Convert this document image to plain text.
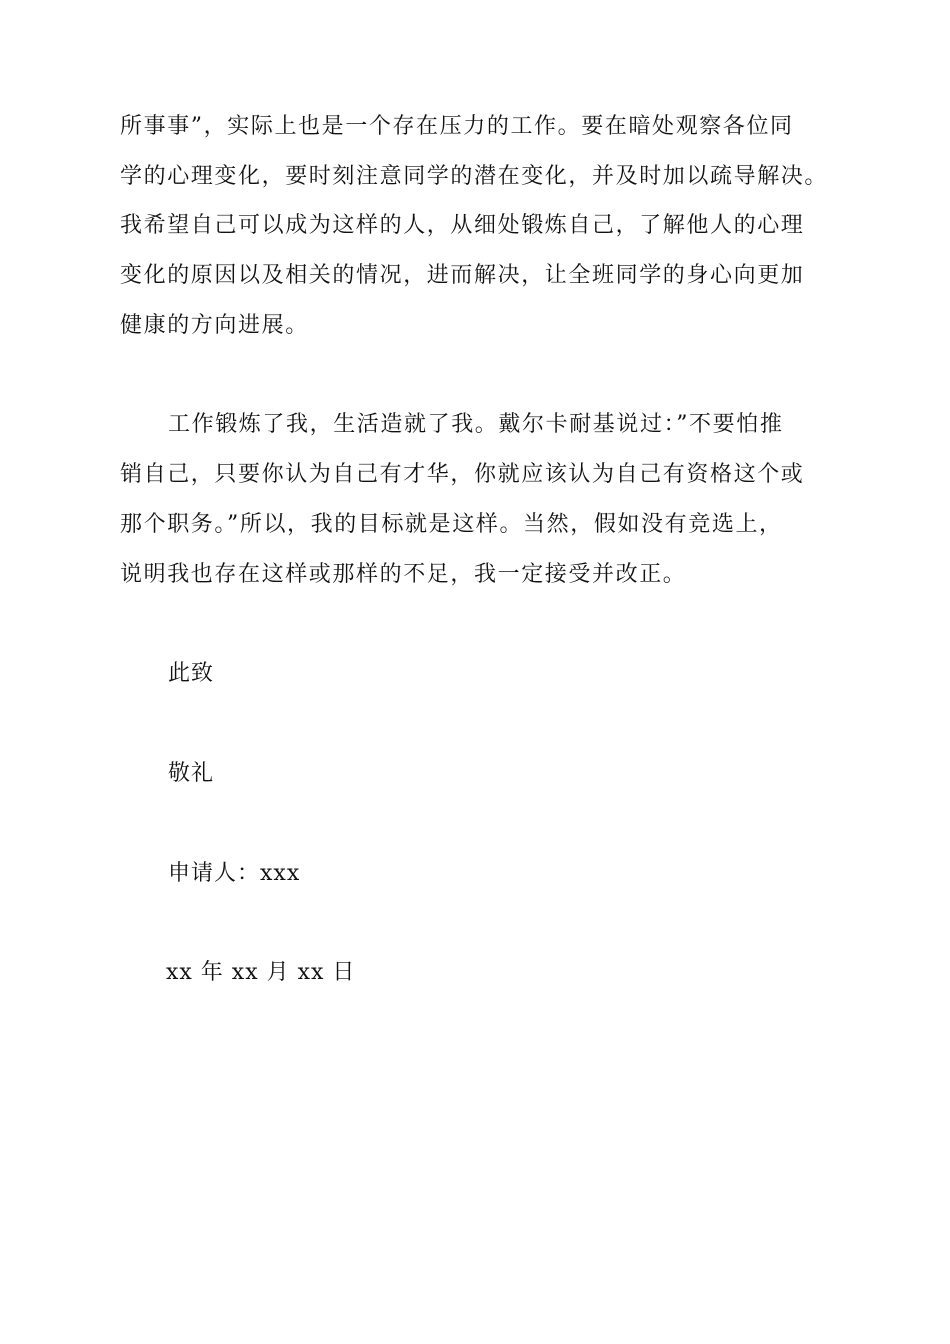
所事事”，实际上也是一个存在压力的工作。要在暗处观察各位同
学的心理变化，要时刻注意同学的潜在变化，并及时加以疏导解决。
我希望自己可以成为这样的人，从细处锻炼自己，了解他人的心理
变化的原因以及相关的情况，进而解决，让全班同学的身心向更加
健康的方向进展。
工作锻炼了我，生活造就了我。戴尔卡耐基说过：”不要怕推
销自己，只要你认为自己有才华，你就应该认为自己有资格这个或
那个职务。”所以，我的目标就是这样。当然，假如没有竞选上，
说明我也存在这样或那样的不足，我一定接受并改正。
此致
敬礼
申请人：xxx
xx 年 xx 月 xx 日
